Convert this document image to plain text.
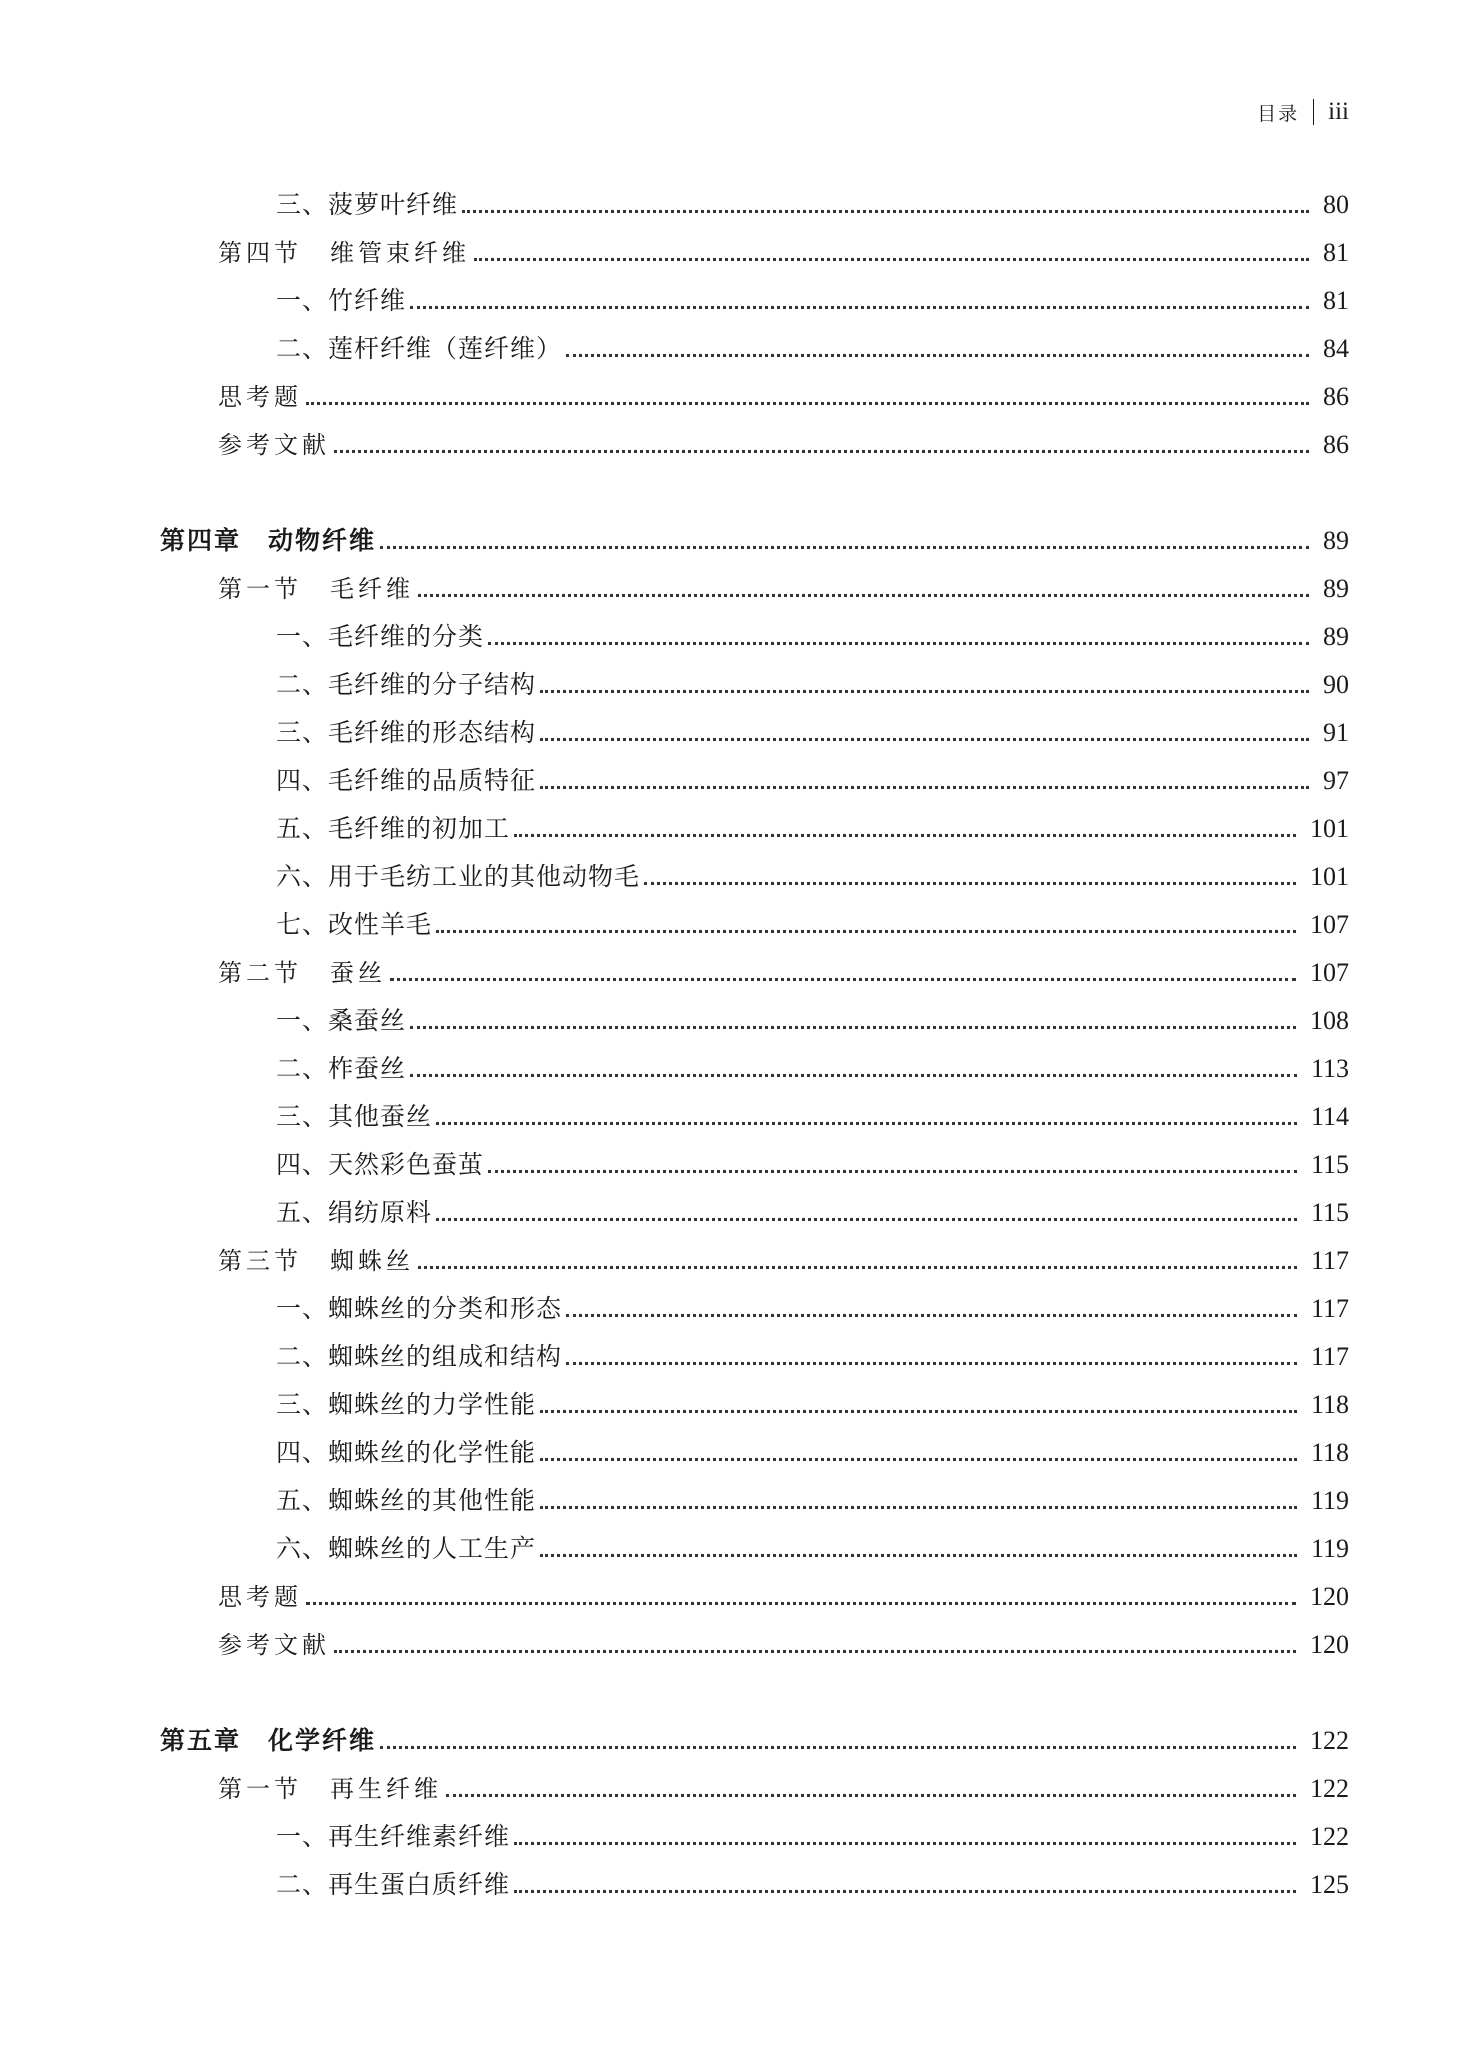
目录 iii
三、菠萝叶纤维	80
第四节　维管束纤维	81
一、竹纤维	81
二、莲杆纤维（莲纤维）	84
思考题	86
参考文献	86
第四章　动物纤维	89
第一节　毛纤维	89
一、毛纤维的分类	89
二、毛纤维的分子结构	90
三、毛纤维的形态结构	91
四、毛纤维的品质特征	97
五、毛纤维的初加工	101
六、用于毛纺工业的其他动物毛	101
七、改性羊毛	107
第二节　蚕丝	107
一、桑蚕丝	108
二、柞蚕丝	113
三、其他蚕丝	114
四、天然彩色蚕茧	115
五、绢纺原料	115
第三节　蜘蛛丝	117
一、蜘蛛丝的分类和形态	117
二、蜘蛛丝的组成和结构	117
三、蜘蛛丝的力学性能	118
四、蜘蛛丝的化学性能	118
五、蜘蛛丝的其他性能	119
六、蜘蛛丝的人工生产	119
思考题	120
参考文献	120
第五章　化学纤维	122
第一节　再生纤维	122
一、再生纤维素纤维	122
二、再生蛋白质纤维	125
